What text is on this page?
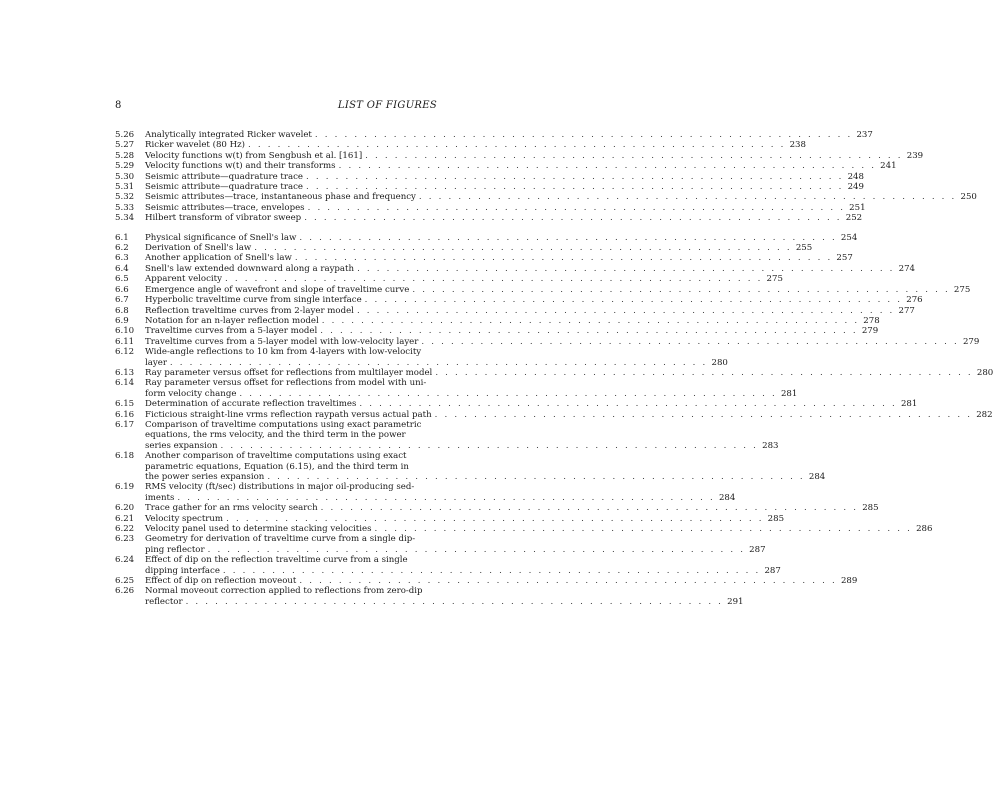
8	LIST OF FIGURES
5.26	Analytically integrated Ricker wavelet . . . . . . . . . . . . . . . . . . . . . . . . . . . . . . . . . . . . . . . . . . . . . . . . . . . . . . . 237
5.27	Ricker wavelet (80 Hz) . . . . . . . . . . . . . . . . . . . . . . . . . . . . . . . . . . . . . . . . . . . . . . . . . . . . . . . 238
5.28	Velocity functions w(t) from Sengbush et al. [161] . . . . . . . . . . . . . . . . . . . . . . . . . . . . . . . . . . . . . . . . . . . . . . . . . . . . . . . 239
5.29	Velocity functions w(t) and their transforms . . . . . . . . . . . . . . . . . . . . . . . . . . . . . . . . . . . . . . . . . . . . . . . . . . . . . . . 241
5.30	Seismic attribute—quadrature trace . . . . . . . . . . . . . . . . . . . . . . . . . . . . . . . . . . . . . . . . . . . . . . . . . . . . . . . 248
5.31	Seismic attribute—quadrature trace . . . . . . . . . . . . . . . . . . . . . . . . . . . . . . . . . . . . . . . . . . . . . . . . . . . . . . . 249
5.32	Seismic attributes—trace, instantaneous phase and frequency . . . . . . . . . . . . . . . . . . . . . . . . . . . . . . . . . . . . . . . . . . . . . . . . . . . . . . . 250
5.33	Seismic attributes—trace, envelopes . . . . . . . . . . . . . . . . . . . . . . . . . . . . . . . . . . . . . . . . . . . . . . . . . . . . . . . 251
5.34	Hilbert transform of vibrator sweep . . . . . . . . . . . . . . . . . . . . . . . . . . . . . . . . . . . . . . . . . . . . . . . . . . . . . . . 252
6.1	Physical significance of Snell's law . . . . . . . . . . . . . . . . . . . . . . . . . . . . . . . . . . . . . . . . . . . . . . . . . . . . . . . 254
6.2	Derivation of Snell's law . . . . . . . . . . . . . . . . . . . . . . . . . . . . . . . . . . . . . . . . . . . . . . . . . . . . . . . 255
6.3	Another application of Snell's law . . . . . . . . . . . . . . . . . . . . . . . . . . . . . . . . . . . . . . . . . . . . . . . . . . . . . . . 257
6.4	Snell's law extended downward along a raypath . . . . . . . . . . . . . . . . . . . . . . . . . . . . . . . . . . . . . . . . . . . . . . . . . . . . . . . 274
6.5	Apparent velocity . . . . . . . . . . . . . . . . . . . . . . . . . . . . . . . . . . . . . . . . . . . . . . . . . . . . . . . 275
6.6	Emergence angle of wavefront and slope of traveltime curve . . . . . . . . . . . . . . . . . . . . . . . . . . . . . . . . . . . . . . . . . . . . . . . . . . . . . . . 275
6.7	Hyperbolic traveltime curve from single interface . . . . . . . . . . . . . . . . . . . . . . . . . . . . . . . . . . . . . . . . . . . . . . . . . . . . . . . 276
6.8	Reflection traveltime curves from 2-layer model . . . . . . . . . . . . . . . . . . . . . . . . . . . . . . . . . . . . . . . . . . . . . . . . . . . . . . . 277
6.9	Notation for an n-layer reflection model . . . . . . . . . . . . . . . . . . . . . . . . . . . . . . . . . . . . . . . . . . . . . . . . . . . . . . . 278
6.10	Traveltime curves from a 5-layer model . . . . . . . . . . . . . . . . . . . . . . . . . . . . . . . . . . . . . . . . . . . . . . . . . . . . . . . 279
6.11	Traveltime curves from a 5-layer model with low-velocity layer . . . . . . . . . . . . . . . . . . . . . . . . . . . . . . . . . . . . . . . . . . . . . . . . . . . . . . . 279
6.12	Wide-angle reflections to 10 km from 4-layers with low-velocity
layer . . . . . . . . . . . . . . . . . . . . . . . . . . . . . . . . . . . . . . . . . . . . . . . . . . . . . . . 280
6.13	Ray parameter versus offset for reflections from multilayer model . . . . . . . . . . . . . . . . . . . . . . . . . . . . . . . . . . . . . . . . . . . . . . . . . . . . . . . 280
6.14	Ray parameter versus offset for reflections from model with uni-
form velocity change . . . . . . . . . . . . . . . . . . . . . . . . . . . . . . . . . . . . . . . . . . . . . . . . . . . . . . . 281
6.15	Determination of accurate reflection traveltimes . . . . . . . . . . . . . . . . . . . . . . . . . . . . . . . . . . . . . . . . . . . . . . . . . . . . . . . 281
6.16	Ficticious straight-line vrms reflection raypath versus actual path . . . . . . . . . . . . . . . . . . . . . . . . . . . . . . . . . . . . . . . . . . . . . . . . . . . . . . . 282
6.17	Comparison of traveltime computations using exact parametric
equations, the rms velocity, and the third term in the power
series expansion . . . . . . . . . . . . . . . . . . . . . . . . . . . . . . . . . . . . . . . . . . . . . . . . . . . . . . . 283
6.18	Another comparison of traveltime computations using exact
parametric equations, Equation (6.15), and the third term in
the power series expansion . . . . . . . . . . . . . . . . . . . . . . . . . . . . . . . . . . . . . . . . . . . . . . . . . . . . . . . 284
6.19	RMS velocity (ft/sec) distributions in major oil-producing sed-
iments . . . . . . . . . . . . . . . . . . . . . . . . . . . . . . . . . . . . . . . . . . . . . . . . . . . . . . . 284
6.20	Trace gather for an rms velocity search . . . . . . . . . . . . . . . . . . . . . . . . . . . . . . . . . . . . . . . . . . . . . . . . . . . . . . . 285
6.21	Velocity spectrum . . . . . . . . . . . . . . . . . . . . . . . . . . . . . . . . . . . . . . . . . . . . . . . . . . . . . . . 285
6.22	Velocity panel used to determine stacking velocities . . . . . . . . . . . . . . . . . . . . . . . . . . . . . . . . . . . . . . . . . . . . . . . . . . . . . . . 286
6.23	Geometry for derivation of traveltime curve from a single dip-
ping reflector . . . . . . . . . . . . . . . . . . . . . . . . . . . . . . . . . . . . . . . . . . . . . . . . . . . . . . . 287
6.24	Effect of dip on the reflection traveltime curve from a single
dipping interface . . . . . . . . . . . . . . . . . . . . . . . . . . . . . . . . . . . . . . . . . . . . . . . . . . . . . . . 287
6.25	Effect of dip on reflection moveout . . . . . . . . . . . . . . . . . . . . . . . . . . . . . . . . . . . . . . . . . . . . . . . . . . . . . . . 289
6.26	Normal moveout correction applied to reflections from zero-dip
reflector . . . . . . . . . . . . . . . . . . . . . . . . . . . . . . . . . . . . . . . . . . . . . . . . . . . . . . . 291
